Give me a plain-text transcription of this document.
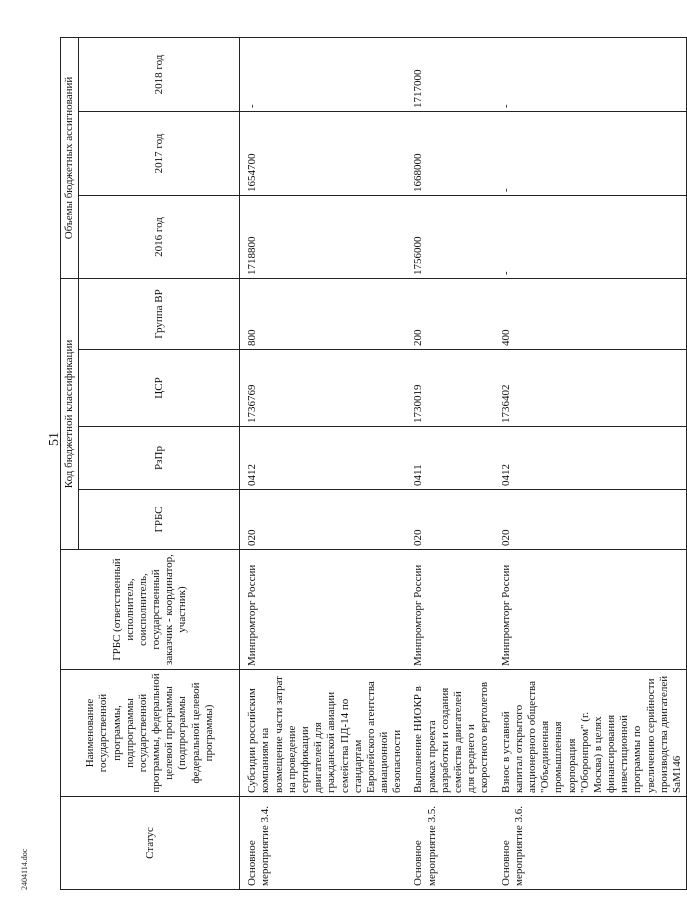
51
2404114.doc
Статус	Наименование государственной программы, подпрограммы государственной программы, федеральной целевой программы (подпрограммы федеральной целевой программы)	ГРБС (ответственный исполнитель, соисполнитель, государственный заказчик - координатор, участник)	Код бюджетной классификации				Объемы бюджетных ассигнований		
			ГРБС	РзПр	ЦСР	Группа ВР	2016 год	2017 год	2018 год
Основное мероприятие 3.4.	Субсидии российским компаниям на возмещение части затрат на проведение сертификации двигателей для гражданской авиации семейства ПД-14 по стандартам Европейского агентства авиационной безопасности	Минпромторг России	020	0412	1736769	800	1718800	1654700	-
Основное мероприятие 3.5.	Выполнение НИОКР в рамках проекта разработки и создания семейства двигателей для среднего и скоростного вертолетов	Минпромторг России	020	0411	1730019	200	1756000	1668000	1717000
Основное мероприятие 3.6.	Взнос в уставной капитал открытого акционерного общества "Объединенная промышленная корпорация "Оборонпром" (г. Москва) в целях финансирования инвестиционной программы по увеличению серийности производства двигателей SaM146	Минпромторг России	020	0412	1736402	400	-	-	-
